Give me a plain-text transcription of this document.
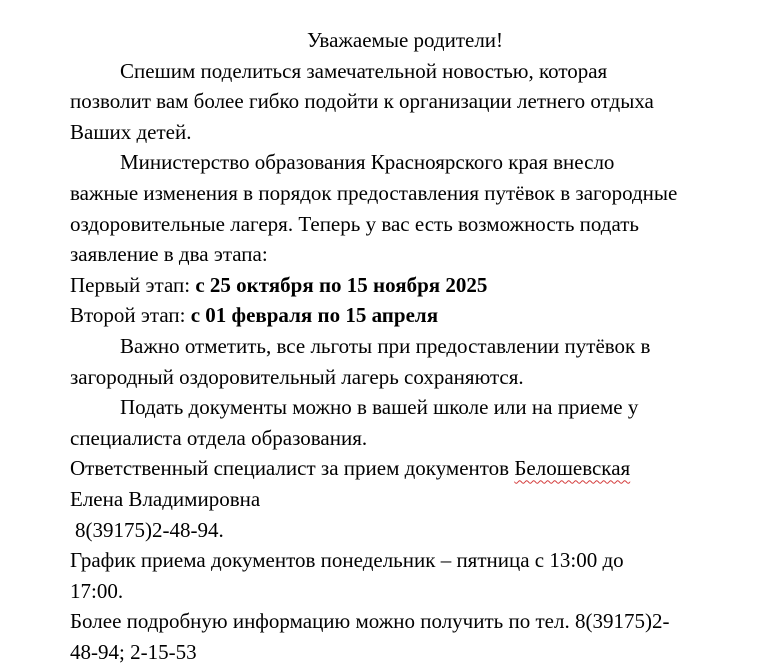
Уважаемые родители!
Спешим поделиться замечательной новостью, которая
позволит вам более гибко подойти к организации летнего отдыха
Ваших детей.
Министерство образования Красноярского края внесло
важные изменения в порядок предоставления путёвок в загородные
оздоровительные лагеря. Теперь у вас есть возможность подать
заявление в два этапа:
Первый этап: с 25 октября по 15 ноября 2025
Второй этап: с 01 февраля по 15 апреля
Важно отметить, все льготы при предоставлении путёвок в
загородный оздоровительный лагерь сохраняются.
Подать документы можно в вашей школе или на приеме у
специалиста отдела образования.
Ответственный специалист за прием документов Белошевская
Елена Владимировна
8(39175)2-48-94.
График приема документов понедельник – пятница с 13:00 до
17:00.
Более подробную информацию можно получить по тел. 8(39175)2-
48-94; 2-15-53
